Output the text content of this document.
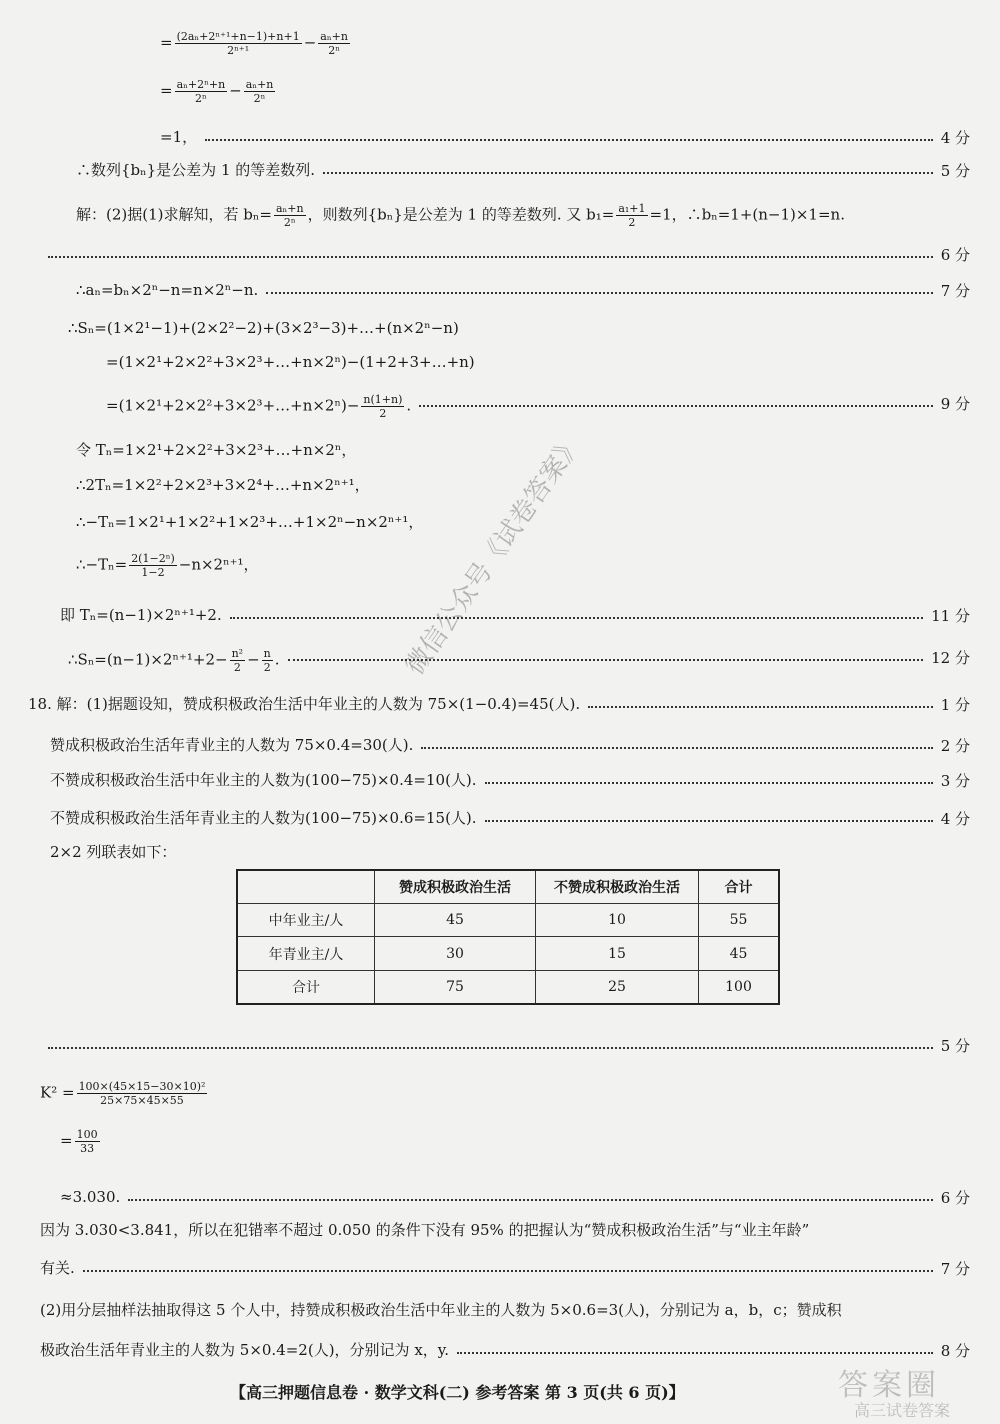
= $\frac{\text{(2aₙ+2ⁿ⁺¹+n−1)+n+1}}{\text{2ⁿ⁺¹}} - \frac{\text{aₙ+n}}{\text{2ⁿ}}$
= $\frac{\text{aₙ+2ⁿ+n}}{\text{2ⁿ}} - \frac{\text{aₙ+n}}{\text{2ⁿ}}$
=1，
∴数列{bₙ}是公差为 1 的等差数列.
解：(2)据(1)求解知，若 $b_n= \frac{\text{aₙ+n}}{\text{2ⁿ}}$ ，则数列{bₙ}是公差为 1 的等差数列. 又 $b_1= \frac{\text{a₁+1}}{2} =1$，∴bₙ=1+(n−1)×1=n.
∴aₙ=bₙ×2ⁿ−n=n×2ⁿ−n.
∴Sₙ=(1×2¹−1)+(2×2²−2)+(3×2³−3)+…+(n×2ⁿ−n)
=(1×2¹+2×2²+3×2³+…+n×2ⁿ)−(1+2+3+…+n)
=(1×2¹+2×2²+3×2³+…+n×2ⁿ)− $\frac{n(1+n)}{2}$ .
令 Tₙ=1×2¹+2×2²+3×2³+…+n×2ⁿ，
∴2Tₙ=1×2²+2×2³+3×2⁴+…+n×2ⁿ⁺¹，
∴−Tₙ=1×2¹+1×2²+1×2³+…+1×2ⁿ−n×2ⁿ⁺¹，
∴−Tₙ= $\frac{\text{2(1−2ⁿ)}}{1-2} -n\times 2^{n+1}$，
即 Tₙ=(n−1)×2ⁿ⁺¹+2.
∴Sₙ=(n−1)×2ⁿ⁺¹+2− $\frac{\text{n²}}{2} - \frac{n}{2}$ .
18. 解：(1)据题设知，赞成积极政治生活中年业主的人数为 75×(1−0.4)=45(人).
赞成积极政治生活年青业主的人数为 75×0.4=30(人).
不赞成积极政治生活中年业主的人数为(100−75)×0.4=10(人).
不赞成积极政治生活年青业主的人数为(100−75)×0.6=15(人).
2×2 列联表如下：
$K^2 = \frac{\text{100×(45×15−30×10)²}}{25\times 75\times 45\times 55}$
= $\frac{100}{33}$
≈3.030.
因为 3.030<3.841，所以在犯错率不超过 0.050 的条件下没有 95% 的把握认为“赞成积极政治生活”与“业主年龄”
有关.
(2)用分层抽样法抽取得这 5 个人中，持赞成积极政治生活中年业主的人数为 5×0.6=3(人)，分别记为 a，b，c；赞成积
极政治生活年青业主的人数为 5×0.4=2(人)，分别记为 x，y.
	赞成积极政治生活	不赞成积极政治生活	合计
中年业主/人	45	10	55
年青业主/人	30	15	45
合计	75	25	100
微信公众号《试卷答案》
【高三押题信息卷 · 数学文科(二) 参考答案 第 3 页(共 6 页)】	答案圈
高三试卷答案
4 分
5 分
6 分
7 分
9 分
11 分
12 分
1 分
2 分
3 分
4 分
5 分
6 分
7 分
8 分
